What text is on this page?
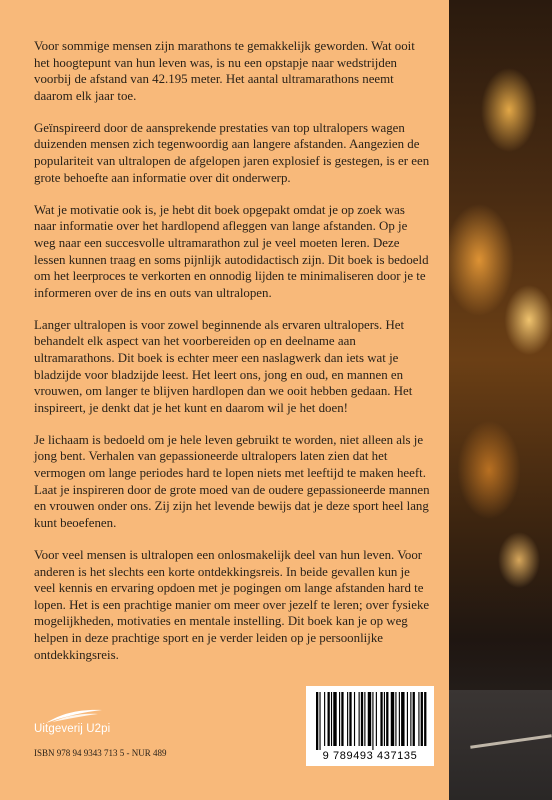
Voor sommige mensen zijn marathons te gemakkelijk geworden. Wat ooit het hoogtepunt van hun leven was, is nu een opstapje naar wedstrijden voorbij de afstand van 42.195 meter. Het aantal ultramarathons neemt daarom elk jaar toe.

Geïnspireerd door de aansprekende prestaties van top ultralopers wagen duizenden mensen zich tegenwoordig aan langere afstanden. Aangezien de populariteit van ultralopen de afgelopen jaren explosief is gestegen, is er een grote behoefte aan informatie over dit onderwerp.

Wat je motivatie ook is, je hebt dit boek opgepakt omdat je op zoek was naar informatie over het hardlopend afleggen van lange afstanden. Op je weg naar een succesvolle ultramarathon zul je veel moeten leren. Deze lessen kunnen traag en soms pijnlijk autodidactisch zijn. Dit boek is bedoeld om het leerproces te verkorten en onnodig lijden te minimaliseren door je te informeren over de ins en outs van ultralopen.

Langer ultralopen is voor zowel beginnende als ervaren ultralopers. Het behandelt elk aspect van het voorbereiden op en deelname aan ultramarathons. Dit boek is echter meer een naslagwerk dan iets wat je bladzijde voor bladzijde leest. Het leert ons, jong en oud, en mannen en vrouwen, om langer te blijven hardlopen dan we ooit hebben gedaan. Het inspireert, je denkt dat je het kunt en daarom wil je het doen!

Je lichaam is bedoeld om je hele leven gebruikt te worden, niet alleen als je jong bent. Verhalen van gepassioneerde ultralopers laten zien dat het vermogen om lange periodes hard te lopen niets met leeftijd te maken heeft. Laat je inspireren door de grote moed van de oudere gepassioneerde mannen en vrouwen onder ons. Zij zijn het levende bewijs dat je deze sport heel lang kunt beoefenen.

Voor veel mensen is ultralopen een onlosmakelijk deel van hun leven. Voor anderen is het slechts een korte ontdekkingsreis. In beide gevallen kun je veel kennis en ervaring opdoen met je pogingen om lange afstanden hard te lopen. Het is een prachtige manier om meer over jezelf te leren; over fysieke mogelijkheden, motivaties en mentale instelling. Dit boek kan je op weg helpen in deze prachtige sport en je verder leiden op je persoonlijke ontdekkingsreis.

Uitgeverij U2pi
ISBN 978 94 9343 713 5 - NUR 489	9 789493 437135
